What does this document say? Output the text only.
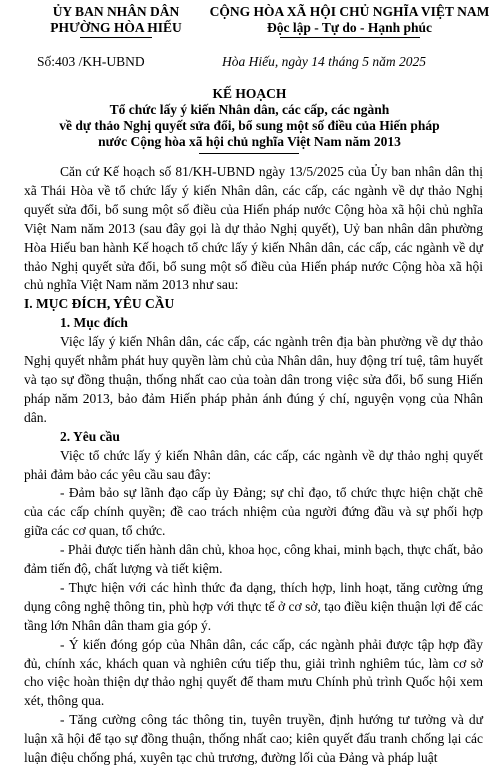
ỦY BAN NHÂN DÂN
PHƯỜNG HÒA HIẾU
CỘNG HÒA XÃ HỘI CHỦ NGHĨA VIỆT NAM
Độc lập - Tự do - Hạnh phúc
Số:403 /KH-UBND	Hòa Hiếu, ngày 14 tháng 5 năm 2025
KẾ HOẠCH
Tổ chức lấy ý kiến Nhân dân, các cấp, các ngành
về dự thảo Nghị quyết sửa đổi, bổ sung một số điều của Hiến pháp
nước Cộng hòa xã hội chủ nghĩa Việt Nam năm 2013

Căn cứ Kế hoạch số 81/KH-UBND ngày 13/5/2025 của Ủy ban nhân dân thị xã Thái Hòa về tổ chức lấy ý kiến Nhân dân, các cấp, các ngành về dự thảo Nghị quyết sửa đổi, bổ sung một số điều của Hiến pháp nước Cộng hòa xã hội chủ nghĩa Việt Nam năm 2013 (sau đây gọi là dự thảo Nghị quyết), Uỷ ban nhân dân phường Hòa Hiếu ban hành Kế hoạch tổ chức lấy ý kiến Nhân dân, các cấp, các ngành về dự thảo Nghị quyết sửa đổi, bổ sung một số điều của Hiến pháp nước Cộng hòa xã hội chủ nghĩa Việt Nam năm 2013 như sau:

I. MỤC ĐÍCH, YÊU CẦU

1. Mục đích

Việc lấy ý kiến Nhân dân, các cấp, các ngành trên địa bàn phường về dự thảo Nghị quyết nhằm phát huy quyền làm chủ của Nhân dân, huy động trí tuệ, tâm huyết và tạo sự đồng thuận, thống nhất cao của toàn dân trong việc sửa đổi, bổ sung Hiến pháp năm 2013, bảo đảm Hiến pháp phản ánh đúng ý chí, nguyện vọng của Nhân dân.

2. Yêu cầu

Việc tổ chức lấy ý kiến Nhân dân, các cấp, các ngành về dự thảo nghị quyết phải đảm bảo các yêu cầu sau đây:

- Đảm bảo sự lãnh đạo cấp ủy Đảng; sự chỉ đạo, tổ chức thực hiện chặt chẽ của các cấp chính quyền; đề cao trách nhiệm của người đứng đầu và sự phối hợp giữa các cơ quan, tổ chức.

- Phải được tiến hành dân chủ, khoa học, công khai, minh bạch, thực chất, bảo đảm tiến độ, chất lượng và tiết kiệm.

- Thực hiện với các hình thức đa dạng, thích hợp, linh hoạt, tăng cường ứng dụng công nghệ thông tin, phù hợp với thực tế ở cơ sở, tạo điều kiện thuận lợi để các tầng lớn Nhân dân tham gia góp ý.

- Ý kiến đóng góp của Nhân dân, các cấp, các ngành phải được tập hợp đầy đủ, chính xác, khách quan và nghiên cứu tiếp thu, giải trình nghiêm túc, làm cơ sở cho việc hoàn thiện dự thảo nghị quyết để tham mưu Chính phủ trình Quốc hội xem xét, thông qua.

- Tăng cường công tác thông tin, tuyên truyền, định hướng tư tưởng và dư luận xã hội để tạo sự đồng thuận, thống nhất cao; kiên quyết đấu tranh chống lại các luận điệu chống phá, xuyên tạc chủ trương, đường lối của Đảng và pháp luật
